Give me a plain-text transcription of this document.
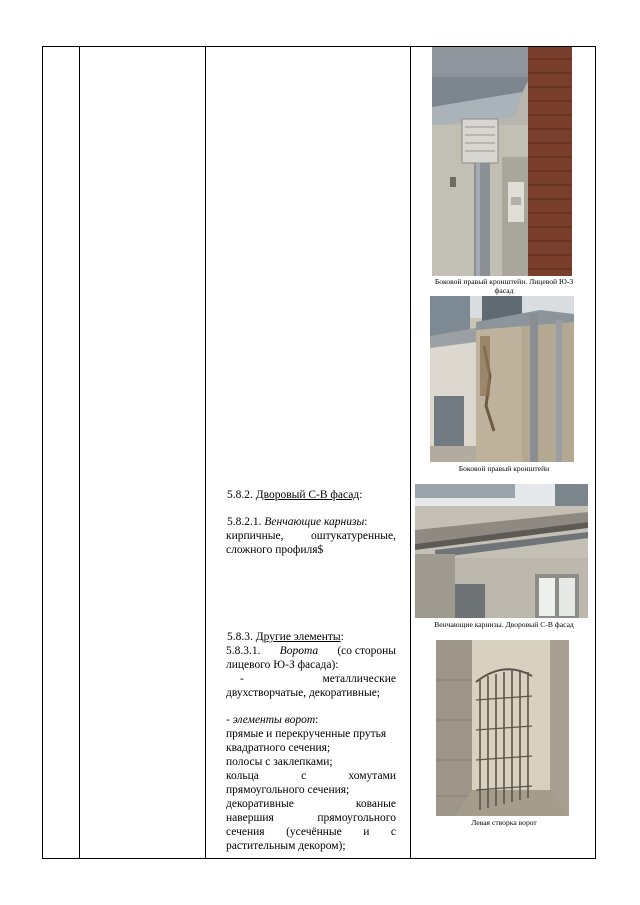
Боковой правый кронштейн. Лицевой Ю-З
фасад
Боковой правый кронштейн
Венчающие карнизы. Дворовый С-В фасад
Левая створка ворот
5.8.2. Дворовый С-В фасад:
5.8.2.1. Венчающие карнизы:
кирпичные, оштукатуренные,
сложного профиля$
5.8.3. Другие элементы:
5.8.3.1. Ворота (со стороны
лицевого Ю-З фасада):
-	металлические
двухстворчатые, декоративные;
- элементы ворот:
прямые и перекрученные прутья
квадратного сечения;
полосы с заклепками;
кольца	с	хомутами
прямоугольного сечения;
декоративные	кованые
навершия	прямоугольного
сечения (усечённые и с
растительным декором);
